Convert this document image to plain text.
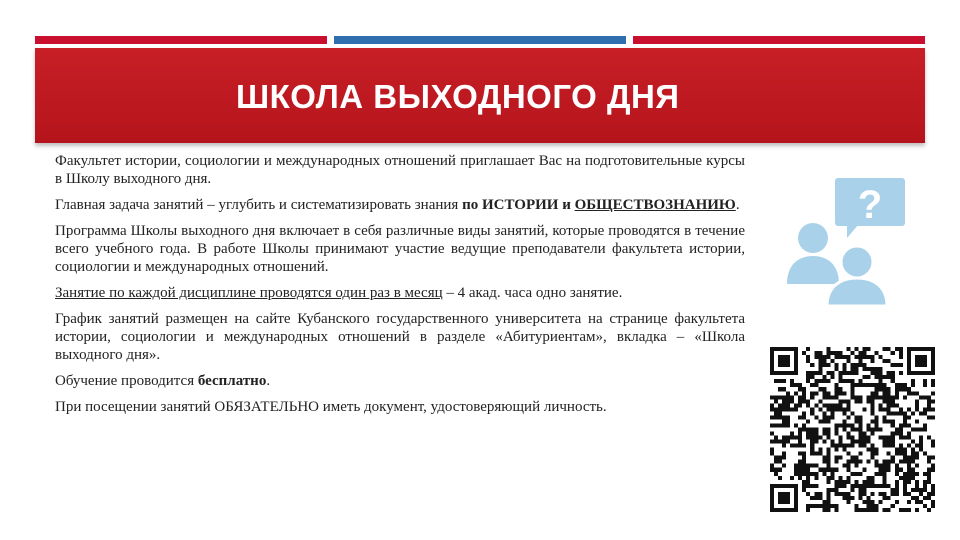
ШКОЛА ВЫХОДНОГО ДНЯ

Факультет истории, социологии и международных отношений приглашает Вас на подготовительные курсы в Школу выходного дня.

Главная задача занятий – углубить и систематизировать знания по ИСТОРИИ и ОБЩЕСТВОЗНАНИЮ.

Программа Школы выходного дня включает в себя различные виды занятий, которые проводятся в течение всего учебного года. В работе Школы принимают участие ведущие преподаватели факультета истории, социологии и международных отношений.

Занятие по каждой дисциплине проводятся один раз в месяц – 4 акад. часа одно занятие.

График занятий размещен на сайте Кубанского государственного университета на странице факультета истории, социологии и международных отношений в разделе «Абитуриентам», вкладка – «Школа выходного дня».

Обучение проводится бесплатно.

При посещении занятий ОБЯЗАТЕЛЬНО иметь документ, удостоверяющий личность.

?
